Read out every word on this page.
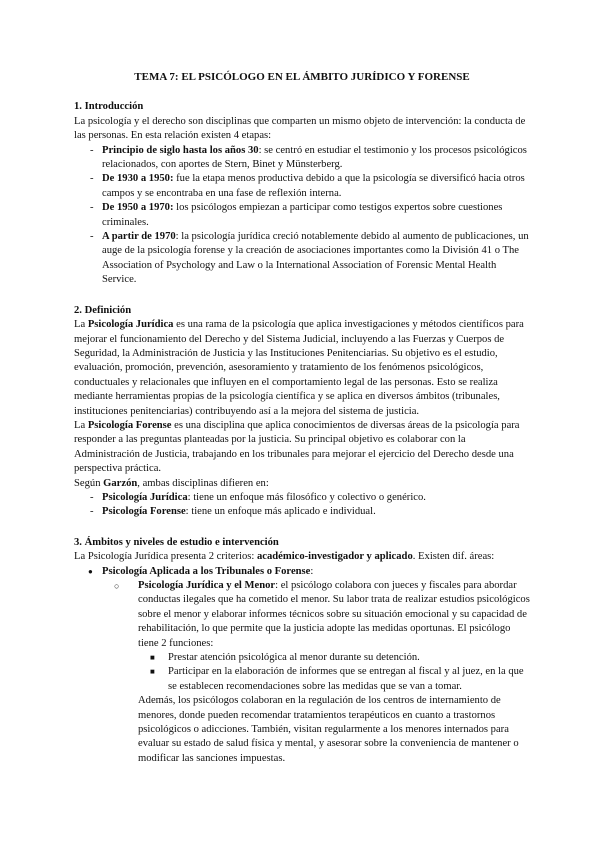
TEMA 7: EL PSICÓLOGO EN EL ÁMBITO JURÍDICO Y FORENSE

1. Introducción

La psicología y el derecho son disciplinas que comparten un mismo objeto de intervención: la conducta de las personas. En esta relación existen 4 etapas:

- Principio de siglo hasta los años 30: se centró en estudiar el testimonio y los procesos psicológicos relacionados, con aportes de Stern, Binet y Münsterberg.
- De 1930 a 1950: fue la etapa menos productiva debido a que la psicología se diversificó hacia otros campos y se encontraba en una fase de reflexión interna.
- De 1950 a 1970: los psicólogos empiezan a participar como testigos expertos sobre cuestiones criminales.
- A partir de 1970: la psicología jurídica creció notablemente debido al aumento de publicaciones, un auge de la psicología forense y la creación de asociaciones importantes como la División 41 o The Association of Psychology and Law o la International Association of Forensic Mental Health Service.

2. Definición

La Psicología Jurídica es una rama de la psicología que aplica investigaciones y métodos científicos para mejorar el funcionamiento del Derecho y del Sistema Judicial, incluyendo a las Fuerzas y Cuerpos de Seguridad, la Administración de Justicia y las Instituciones Penitenciarias. Su objetivo es el estudio, evaluación, promoción, prevención, asesoramiento y tratamiento de los fenómenos psicológicos, conductuales y relacionales que influyen en el comportamiento legal de las personas. Esto se realiza mediante herramientas propias de la psicología científica y se aplica en diversos ámbitos (tribunales, instituciones penitenciarias) contribuyendo así a la mejora del sistema de justicia.

La Psicología Forense es una disciplina que aplica conocimientos de diversas áreas de la psicología para responder a las preguntas planteadas por la justicia. Su principal objetivo es colaborar con la Administración de Justicia, trabajando en los tribunales para mejorar el ejercicio del Derecho desde una perspectiva práctica.

Según Garzón, ambas disciplinas difieren en:

- Psicología Jurídica: tiene un enfoque más filosófico y colectivo o genérico.
- Psicología Forense: tiene un enfoque más aplicado e individual.

3. Ámbitos y niveles de estudio e intervención

La Psicología Jurídica presenta 2 criterios: académico-investigador y aplicado. Existen dif. áreas:

● Psicología Aplicada a los Tribunales o Forense:
○ Psicología Jurídica y el Menor: el psicólogo colabora con jueces y fiscales para abordar conductas ilegales que ha cometido el menor. Su labor trata de realizar estudios psicológicos sobre el menor y elaborar informes técnicos sobre su situación emocional y su capacidad de rehabilitación, lo que permite que la justicia adopte las medidas oportunas. El psicólogo tiene 2 funciones:
■ Prestar atención psicológica al menor durante su detención.
■ Participar en la elaboración de informes que se entregan al fiscal y al juez, en la que se establecen recomendaciones sobre las medidas que se van a tomar.

Además, los psicólogos colaboran en la regulación de los centros de internamiento de menores, donde pueden recomendar tratamientos terapéuticos en cuanto a trastornos psicológicos o adicciones. También, visitan regularmente a los menores internados para evaluar su estado de salud física y mental, y asesorar sobre la conveniencia de mantener o modificar las sanciones impuestas.
